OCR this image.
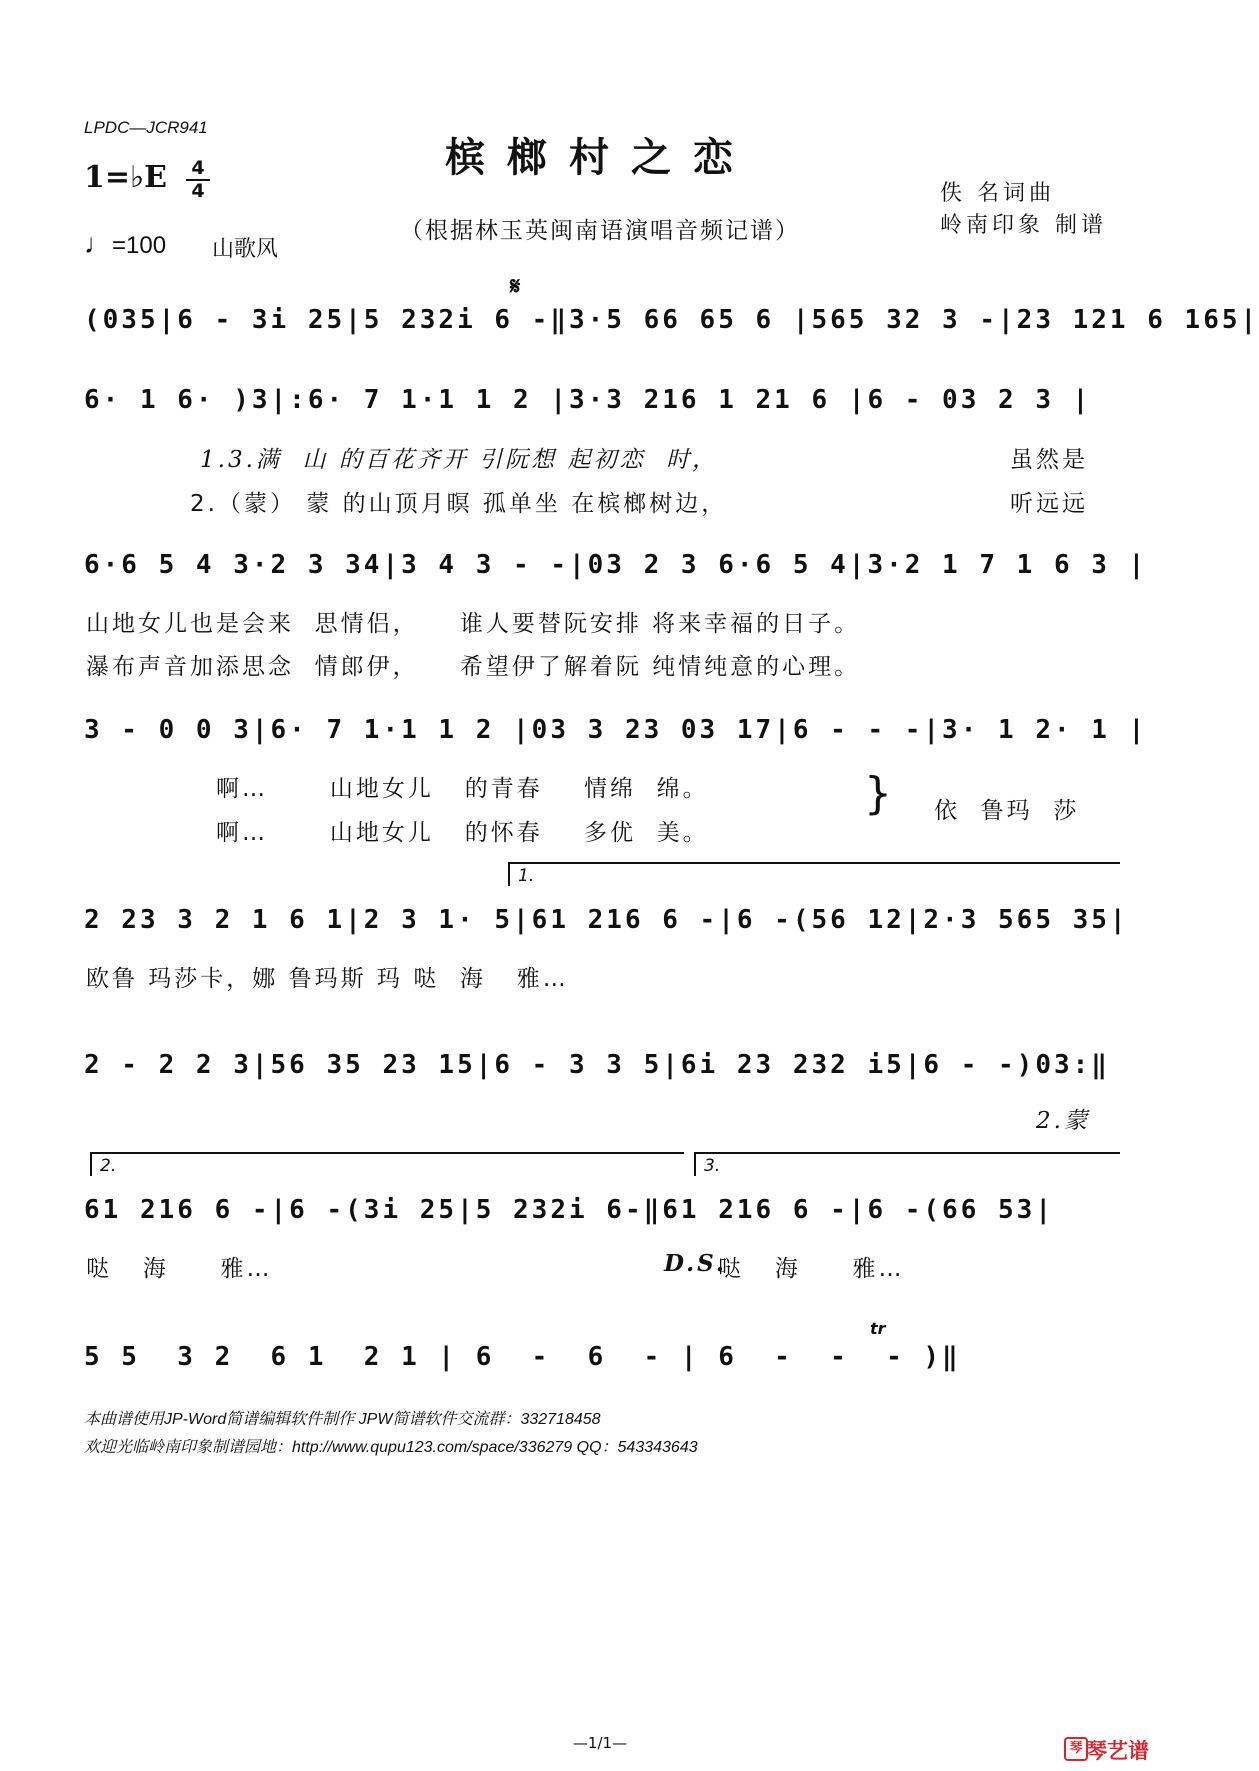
LPDC—JCR941
槟榔村之恋
1=♭E 4
4
♩=100 山歌风
（根据林玉英闽南语演唱音频记谱）
佚 名词曲
岭南印象 制谱
𝄋
(035|6 - 3i 25|5 232i 6 -‖3·5 66 65 6 |565 32 3 -|23 121 6 165|
6· 1 6· )3|:6· 7 1·1 1 2 |3·3 216 1 21 6 |6 - 03 2 3 |
1.3.满  山 的百花齐开 引阮想 起初恋  时，	虽然是
2.（蒙） 蒙 的山顶月暝 孤单坐 在槟榔树边，	听远远
6·6 5 4 3·2 3 34|3 4 3 - -|03 2 3 6·6 5 4|3·2 1 7 1 6 3 |
山地女儿也是会来  思情侣，    谁人要替阮安排 将来幸福的日子。
瀑布声音加添思念  情郎伊，    希望伊了解着阮 纯情纯意的心理。
3 - 0 0 3|6· 7 1·1 1 2 |03 3 23 03 17|6 - - -|3· 1 2· 1 |
啊…      山地女儿   的青春    情绵  绵。
啊…      山地女儿   的怀春    多优  美。
} 依  鲁玛  莎
1.
2 23 3 2 1 6 1|2 3 1· 5|61 216 6 -|6 -(56 12|2·3 565 35|
欧鲁 玛莎卡，娜 鲁玛斯 玛 哒  海   雅…
2 - 2 2 3|56 35 23 15|6 - 3 3 5|6i 23 232 i5|6 - -)03:‖
2.蒙
2.	3.
61 216 6 -|6 -(3i 25|5 232i 6-‖61 216 6 -|6 -(66 53|
哒   海     雅…	D.S.
哒   海     雅…
tr
5 5  3 2  6 1  2 1 | 6  -  6  - | 6  -  -  - )‖
本曲谱使用JP-Word简谱编辑软件制作 JPW简谱软件交流群：332718458
欢迎光临岭南印象制谱园地：http://www.qupu123.com/space/336279 QQ：543343643
—1/1—	琴 琴艺谱
